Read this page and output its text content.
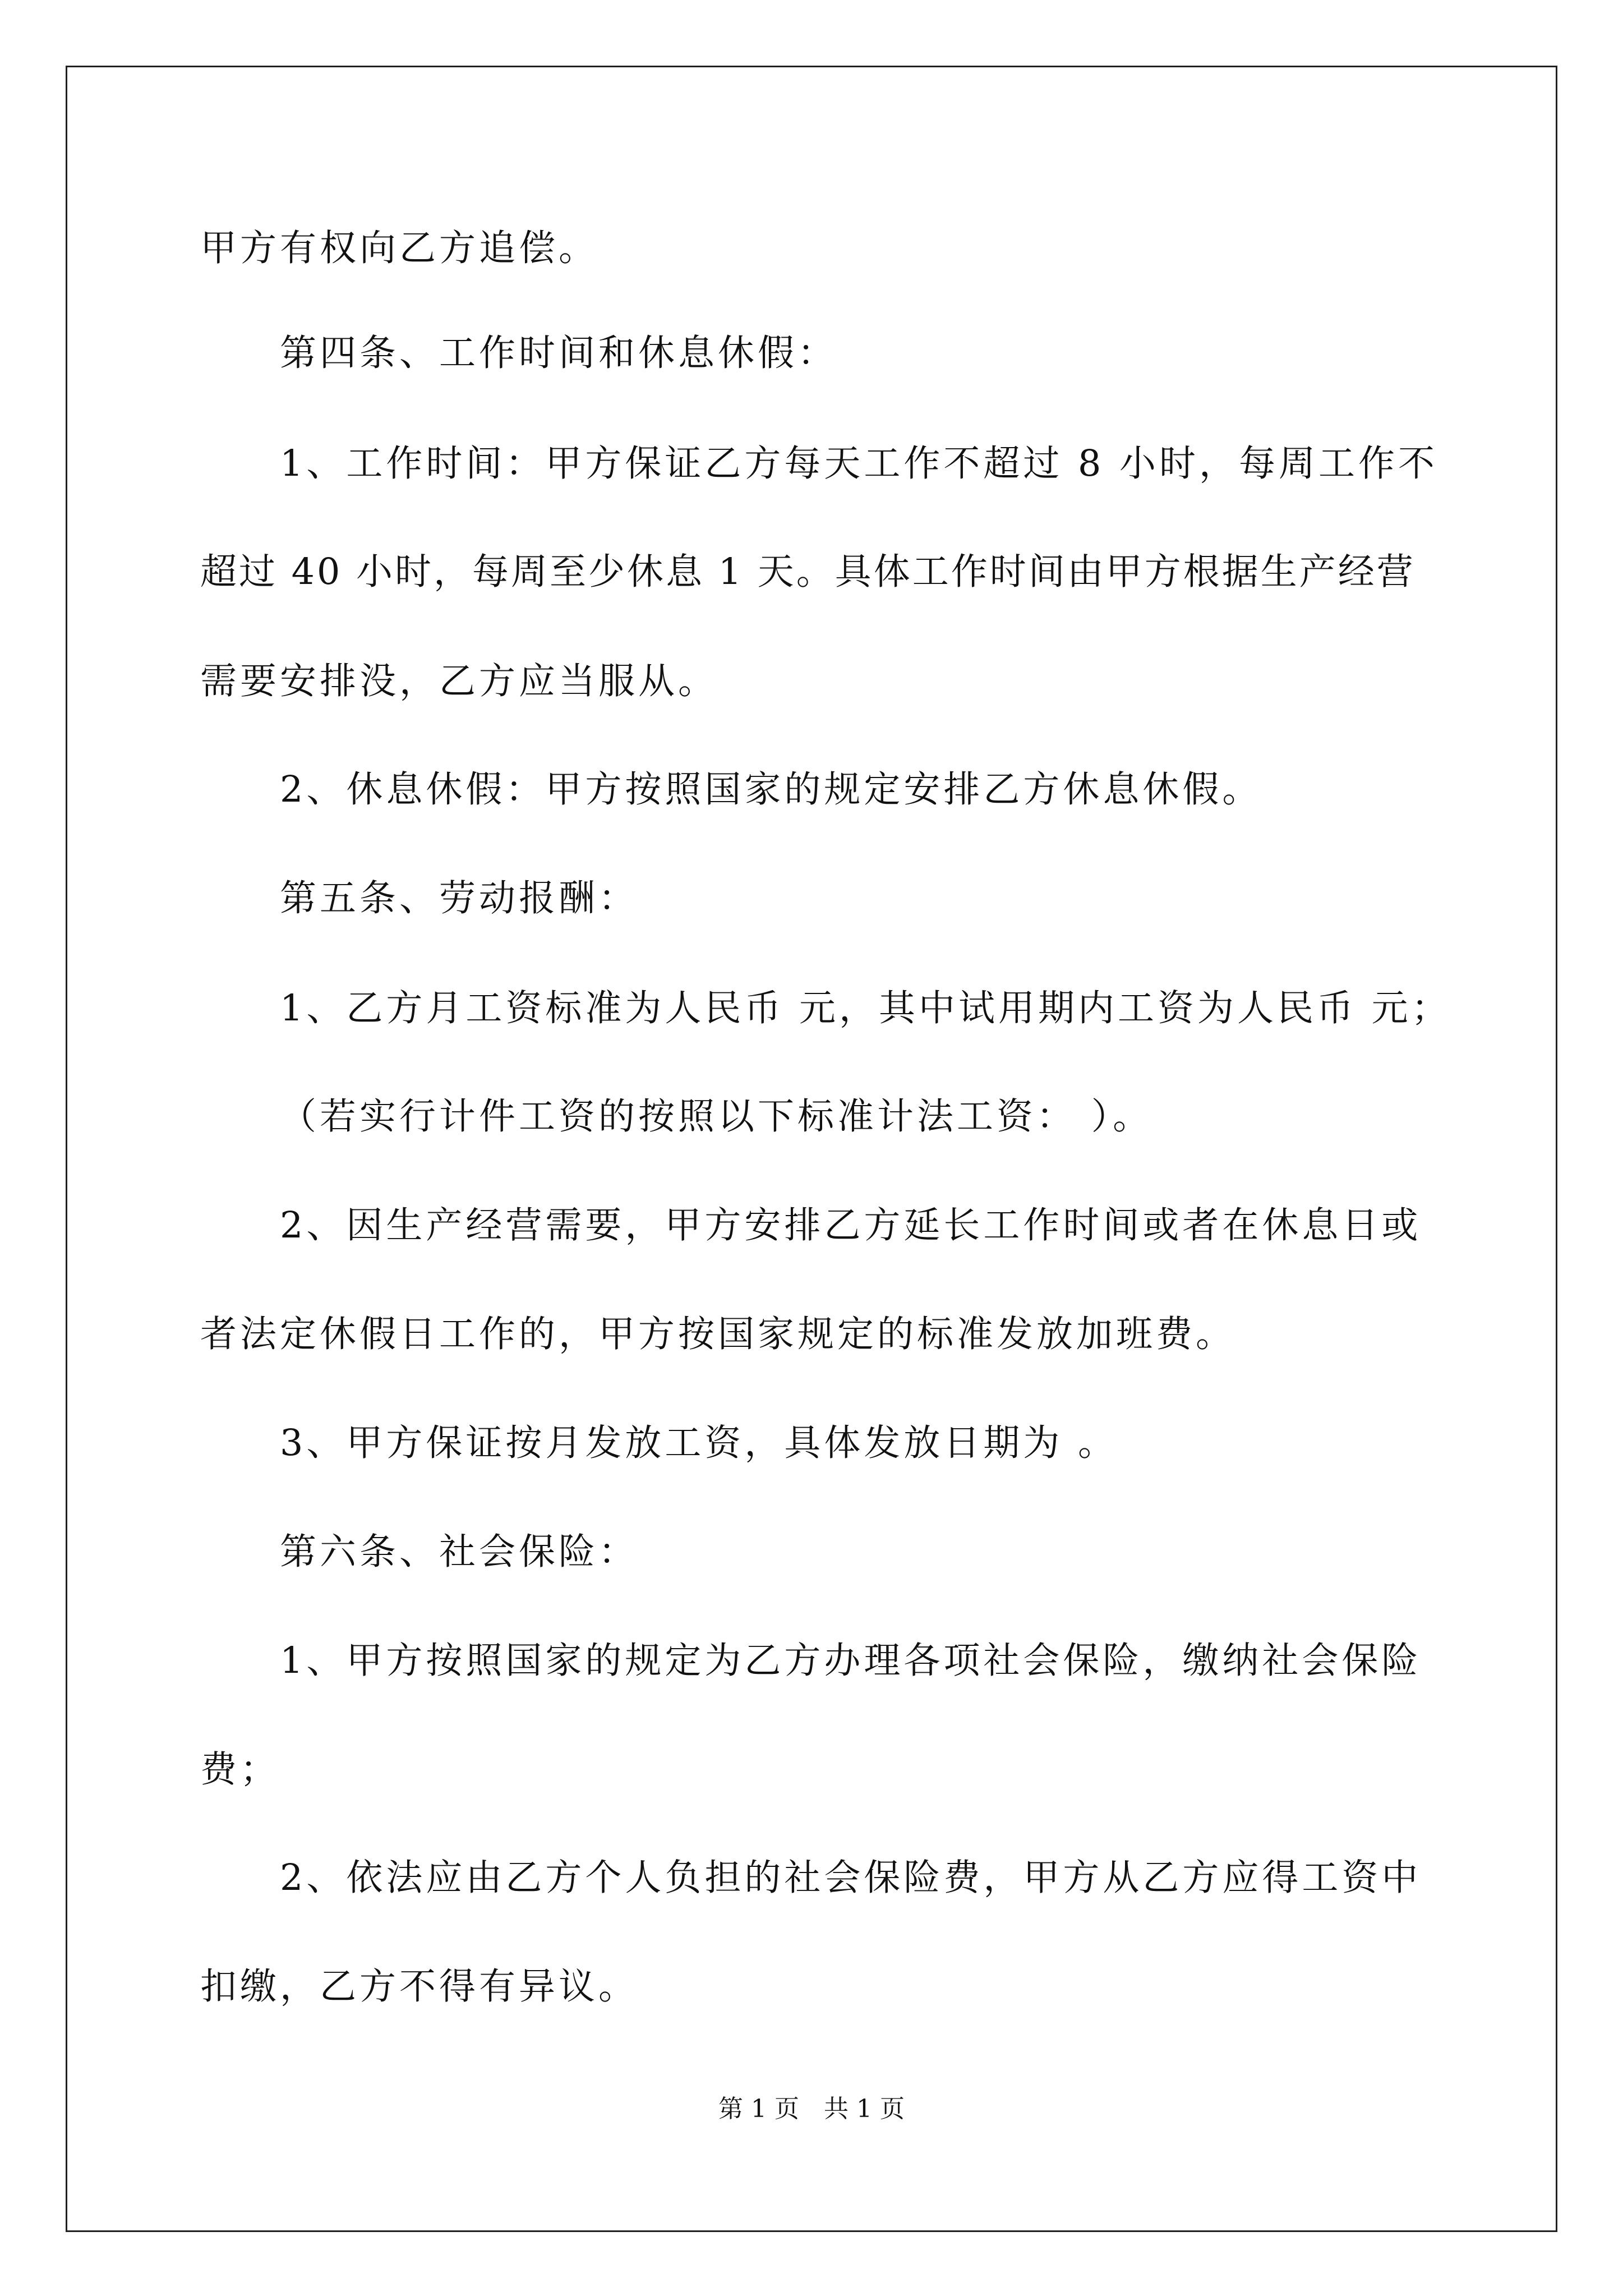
甲方有权向乙方追偿。
第四条、工作时间和休息休假：
1、工作时间：甲方保证乙方每天工作不超过 8 小时，每周工作不
超过 40 小时，每周至少休息 1 天。具体工作时间由甲方根据生产经营
需要安排没，乙方应当服从。
2、休息休假：甲方按照国家的规定安排乙方休息休假。
第五条、劳动报酬：
1、乙方月工资标准为人民币 元，其中试用期内工资为人民币 元；
（若实行计件工资的按照以下标准计法工资： ）。
2、因生产经营需要，甲方安排乙方延长工作时间或者在休息日或
者法定休假日工作的，甲方按国家规定的标准发放加班费。
3、甲方保证按月发放工资，具体发放日期为 。
第六条、社会保险：
1、甲方按照国家的规定为乙方办理各项社会保险，缴纳社会保险
费；
2、依法应由乙方个人负担的社会保险费，甲方从乙方应得工资中
扣缴，乙方不得有异议。
第 1 页　共 1 页
